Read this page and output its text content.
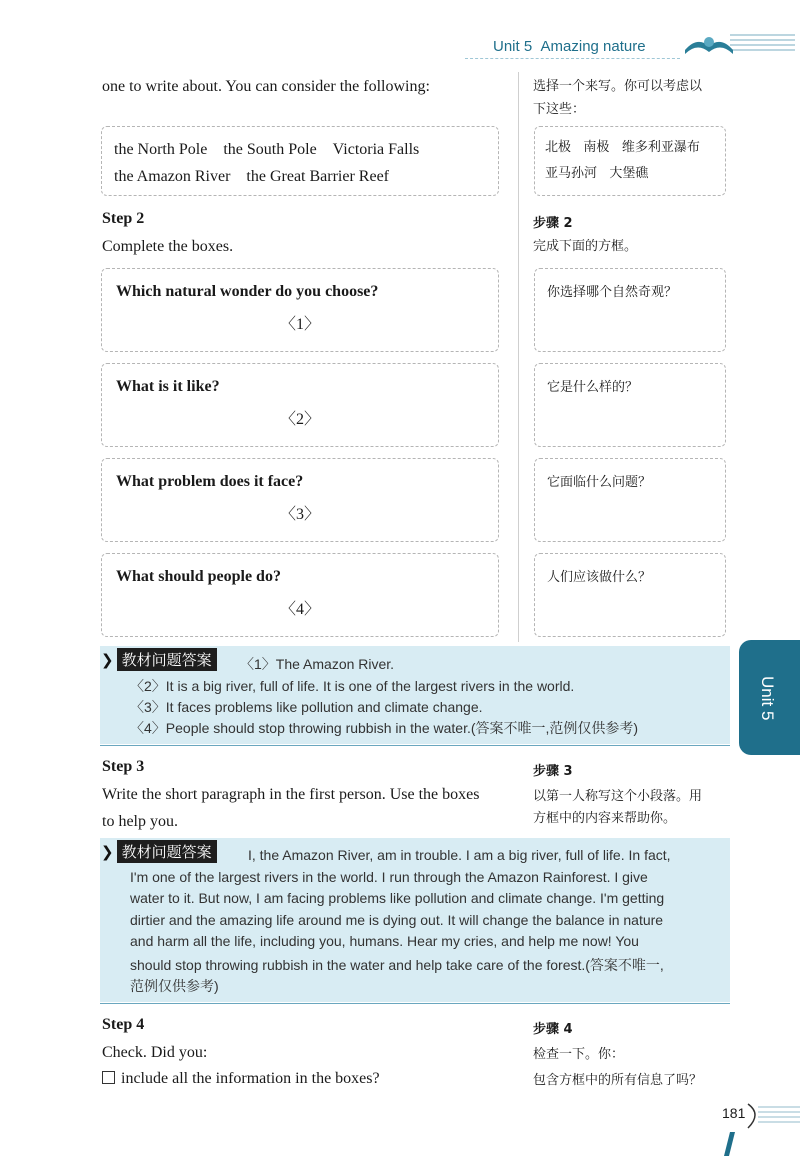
Unit 5 Amazing nature
one to write about. You can consider the following:	选择一个来写。你可以考虑以
下这些：
the North Pole the South Pole Victoria Falls
the Amazon River the Great Barrier Reef
北极 南极 维多利亚瀑布
亚马孙河 大堡礁
Step 2
Complete the boxes.
步骤 2
完成下面的方框。
Which natural wonder do you choose?
〈1〉
What is it like?
〈2〉
What problem does it face?
〈3〉
What should people do?
〈4〉
你选择哪个自然奇观？
它是什么样的？
它面临什么问题？
人们应该做什么？
❯ 教材问题答案	〈1〉The Amazon River.
〈2〉It is a big river, full of life. It is one of the largest rivers in the world.
〈3〉It faces problems like pollution and climate change.
〈4〉People should stop throwing rubbish in the water.(答案不唯一,范例仅供参考)
Unit 5
Step 3
Write the short paragraph in the first person. Use the boxes
to help you.
步骤 3
以第一人称写这个小段落。用
方框中的内容来帮助你。
❯ 教材问题答案	I, the Amazon River, am in trouble. I am a big river, full of life. In fact,
I'm one of the largest rivers in the world. I run through the Amazon Rainforest. I give
water to it. But now, I am facing problems like pollution and climate change. I'm getting
dirtier and the amazing life around me is dying out. It will change the balance in nature
and harm all the life, including you, humans. Hear my cries, and help me now! You
should stop throwing rubbish in the water and help take care of the forest.(答案不唯一,
范例仅供参考)
Step 4
Check. Did you:
include all the information in the boxes?
步骤 4
检查一下。你：
包含方框中的所有信息了吗？
181
